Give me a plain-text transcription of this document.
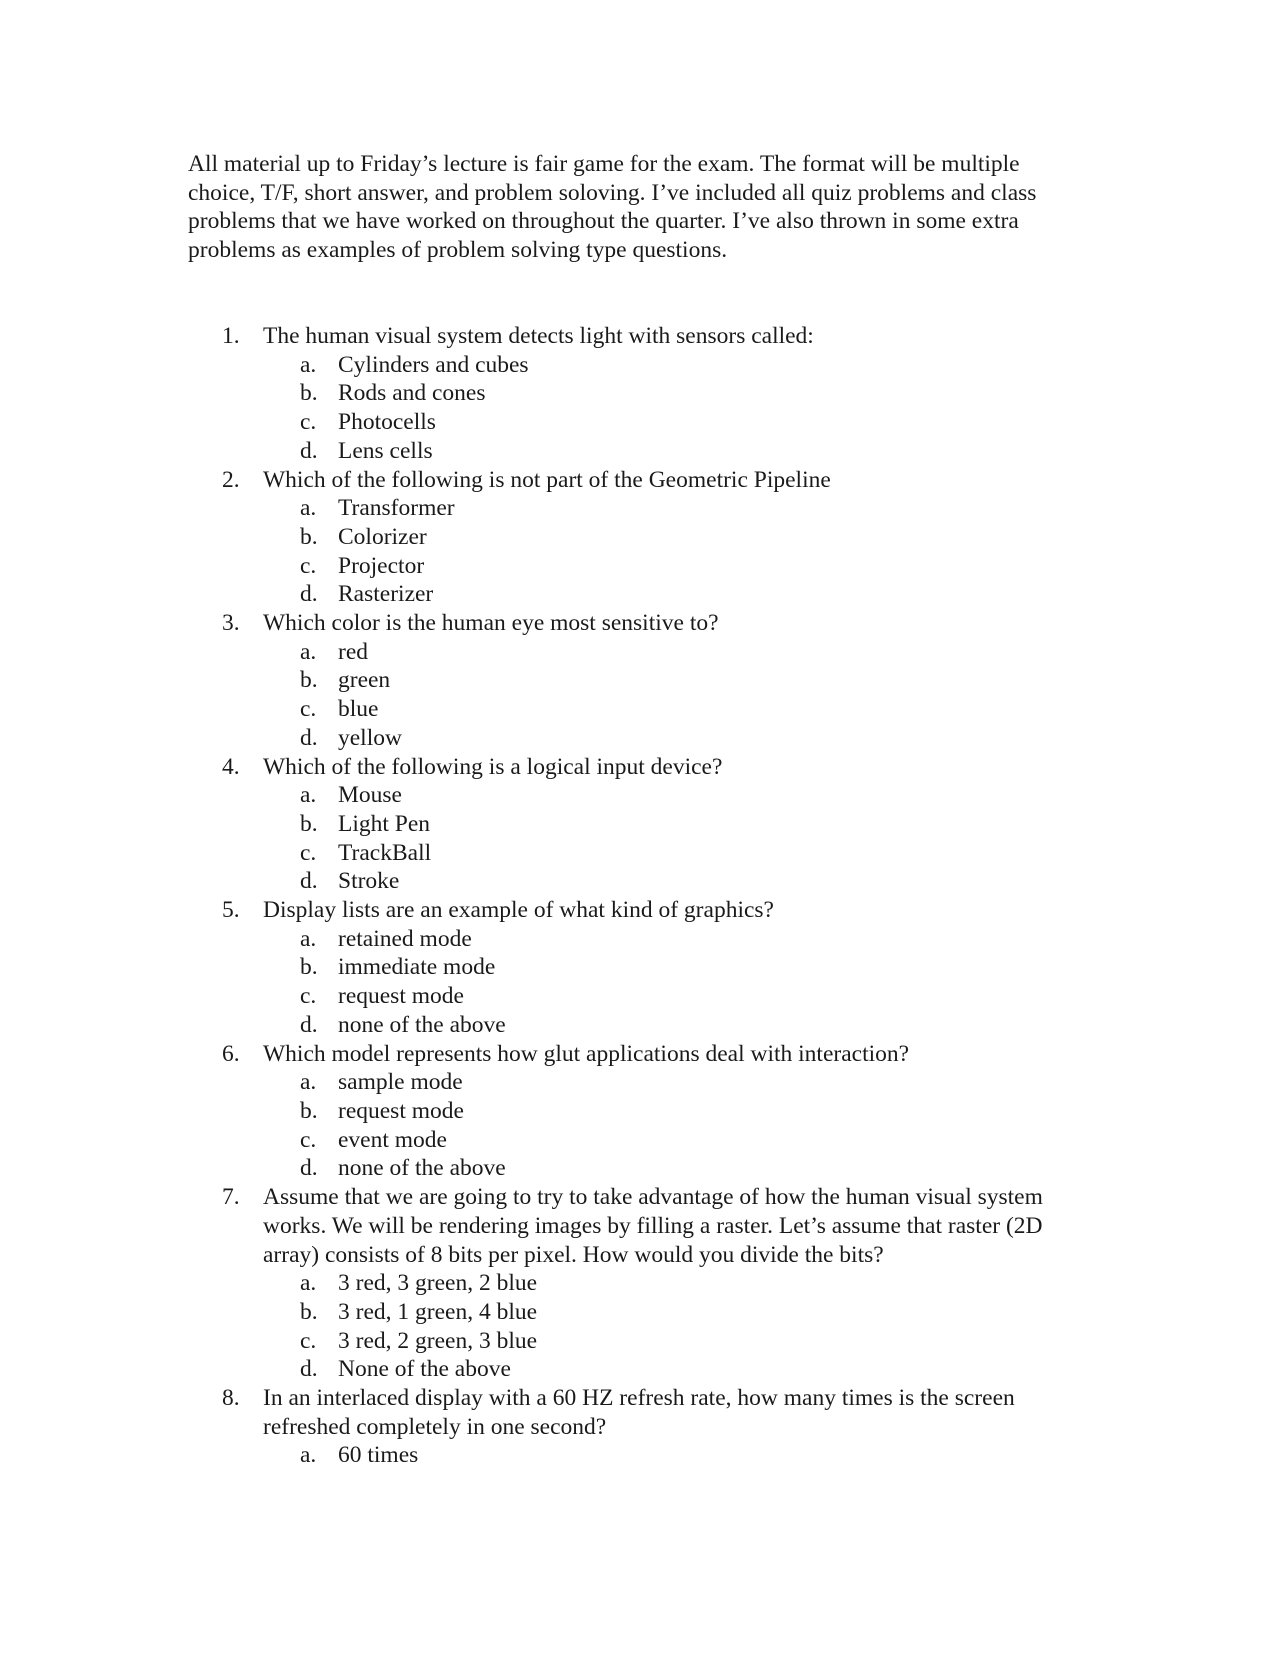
All material up to Friday’s lecture is fair game for the exam. The format will be multiple choice, T/F, short answer, and problem soloving. I’ve included all quiz problems and class problems that we have worked on throughout the quarter. I’ve also thrown in some extra problems as examples of problem solving type questions.

1. The human visual system detects light with sensors called:
a. Cylinders and cubes
b. Rods and cones
c. Photocells
d. Lens cells
2. Which of the following is not part of the Geometric Pipeline
a. Transformer
b. Colorizer
c. Projector
d. Rasterizer
3. Which color is the human eye most sensitive to?
a. red
b. green
c. blue
d. yellow
4. Which of the following is a logical input device?
a. Mouse
b. Light Pen
c. TrackBall
d. Stroke
5. Display lists are an example of what kind of graphics?
a. retained mode
b. immediate mode
c. request mode
d. none of the above
6. Which model represents how glut applications deal with interaction?
a. sample mode
b. request mode
c. event mode
d. none of the above
7. Assume that we are going to try to take advantage of how the human visual system works. We will be rendering images by filling a raster. Let’s assume that raster (2D array) consists of 8 bits per pixel. How would you divide the bits?
a. 3 red, 3 green, 2 blue
b. 3 red, 1 green, 4 blue
c. 3 red, 2 green, 3 blue
d. None of the above
8. In an interlaced display with a 60 HZ refresh rate, how many times is the screen refreshed completely in one second?
a. 60 times
